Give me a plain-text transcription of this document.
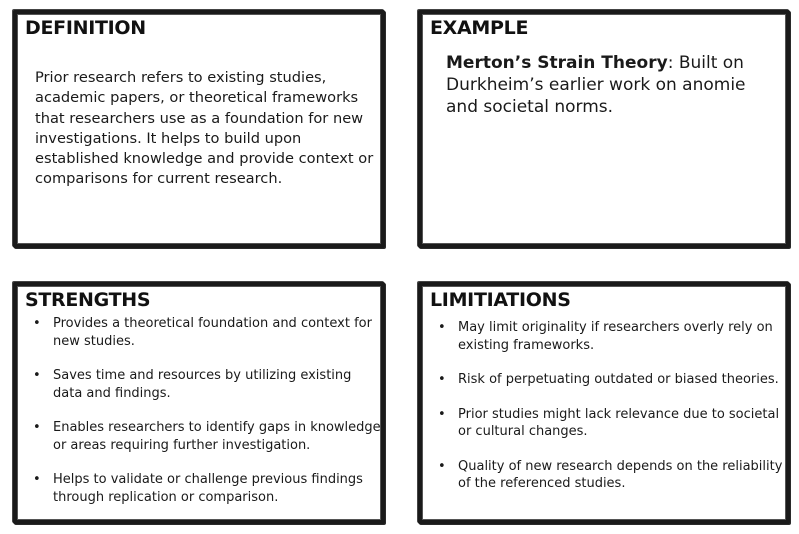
DEFINITION

Prior research refers to existing studies, academic papers, or theoretical frameworks that researchers use as a foundation for new investigations. It helps to build upon established knowledge and provide context or comparisons for current research.

EXAMPLE

Merton’s Strain Theory: Built on Durkheim’s earlier work on anomie and societal norms.

STRENGTHS
• Provides a theoretical foundation and context for new studies.
• Saves time and resources by utilizing existing data and findings.
• Enables researchers to identify gaps in knowledge or areas requiring further investigation.
• Helps to validate or challenge previous findings through replication or comparison.
LIMITIATIONS
• May limit originality if researchers overly rely on existing frameworks.
• Risk of perpetuating outdated or biased theories.
• Prior studies might lack relevance due to societal or cultural changes.
• Quality of new research depends on the reliability of the referenced studies.
